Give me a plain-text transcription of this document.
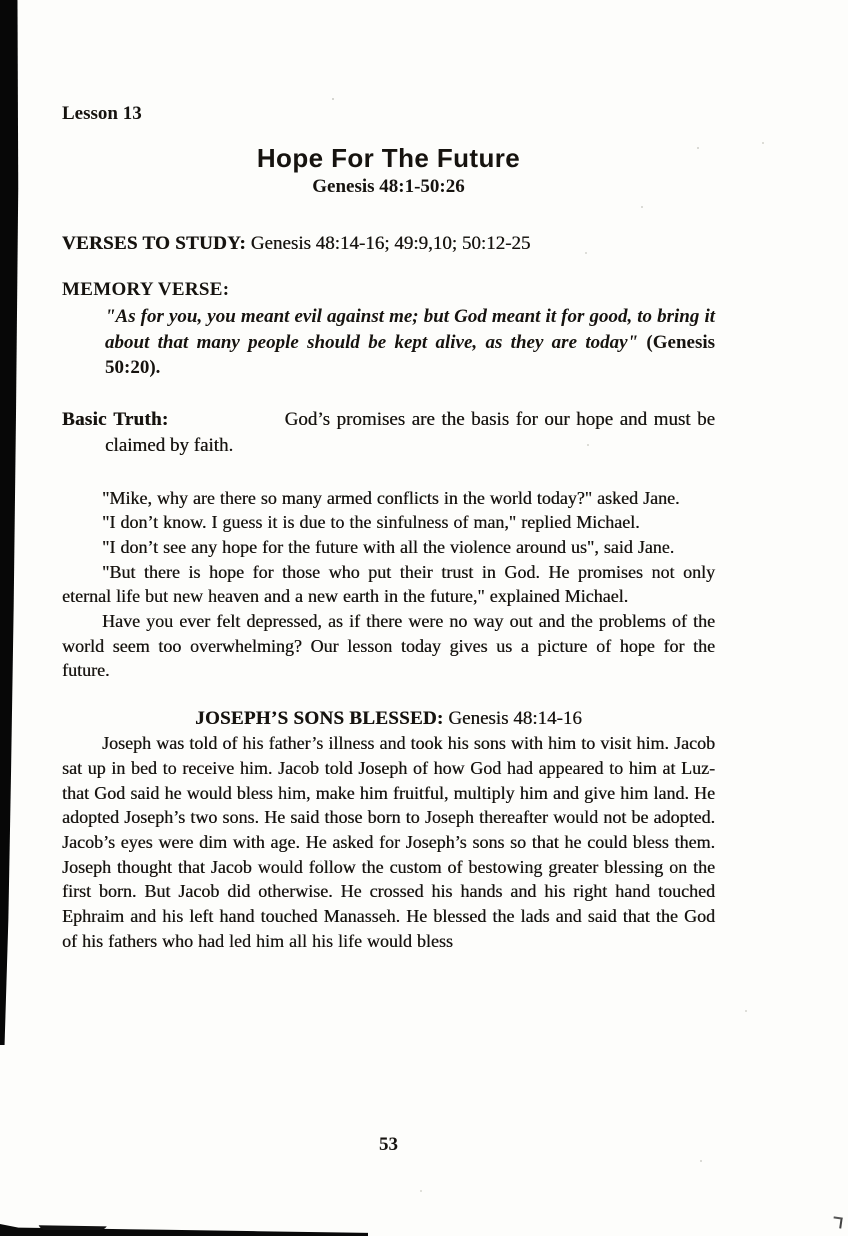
Lesson 13
Hope For The Future
Genesis 48:1-50:26

VERSES TO STUDY: Genesis 48:14-16; 49:9,10; 50:12-25

MEMORY VERSE:

"As for you, you meant evil against me; but God meant it for good, to bring it about that many people should be kept alive, as they are today" (Genesis 50:20).

Basic Truth:	God’s promises are the basis for our hope and must be claimed by faith.

"Mike, why are there so many armed conflicts in the world today?" asked Jane.

"I don’t know. I guess it is due to the sinfulness of man," replied Michael.

"I don’t see any hope for the future with all the violence around us", said Jane.

"But there is hope for those who put their trust in God. He promises not only eternal life but new heaven and a new earth in the future," explained Michael.

Have you ever felt depressed, as if there were no way out and the problems of the world seem too overwhelming? Our lesson today gives us a picture of hope for the future.

JOSEPH’S SONS BLESSED: Genesis 48:14-16

Joseph was told of his father’s illness and took his sons with him to visit him. Jacob sat up in bed to receive him. Jacob told Joseph of how God had appeared to him at Luz-that God said he would bless him, make him fruitful, multiply him and give him land. He adopted Joseph’s two sons. He said those born to Joseph thereafter would not be adopted. Jacob’s eyes were dim with age. He asked for Joseph’s sons so that he could bless them. Joseph thought that Jacob would follow the custom of bestowing greater blessing on the first born. But Jacob did otherwise. He crossed his hands and his right hand touched Ephraim and his left hand touched Manasseh. He blessed the lads and said that the God of his fathers who had led him all his life would bless

53
